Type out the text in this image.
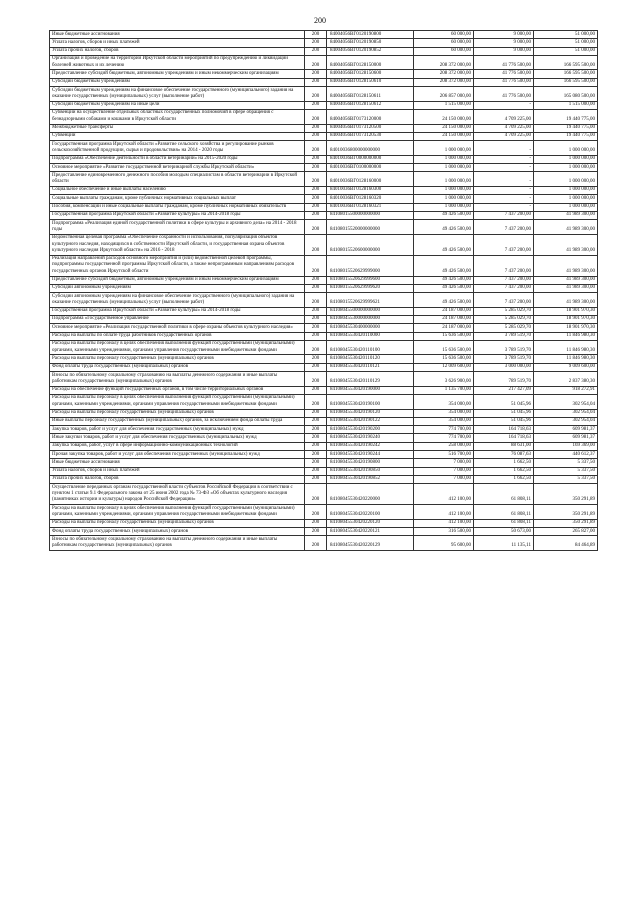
200
Иные бюджетные ассигнования	200	84004056ВГ0120190800	60 000,00	9 000,00	51 000,00
Уплата налогов, сборов и иных платежей	200	84004056ВГ0120190850	60 000,00	9 000,00	51 000,00
Уплата прочих налогов, сборов	200	84004056ВГ0120190852	60 000,00	9 000,00	51 000,00
Организация и проведение на территории Иркутской области мероприятий по предупреждению и ликвидации болезней животных и их лечению	200	84004056ВГ0128150000	208 372 000,00	41 776 500,00	166 595 500,00
Предоставление субсидий бюджетным, автономным учреждениям и иным некоммерческим организациям	200	84004056ВГ0128150600	208 372 000,00	41 776 500,00	166 595 500,00
Субсидии бюджетным учреждениям	200	84004056ВГ0128150610	208 372 000,00	41 776 500,00	166 595 500,00
Субсидии бюджетным учреждениям на финансовое обеспечение государственного (муниципального) задания на оказание государственных (муниципальных) услуг (выполнение работ)	200	84004056ВГ0128150611	206 857 000,00	41 776 500,00	165 080 500,00
Субсидии бюджетным учреждениям на иные цели	200	84004056ВГ0128150612	1 515 000,00	-	1 515 000,00
Субвенции на осуществление отдельных областных государственных полномочий в сфере обращения с безнадзорными собаками и кошками в Иркутской области	200	84004056ВГ0173120000	24 150 000,00	4 709 225,00	19 440 775,00
Межбюджетные трансферты	200	84004056ВГ0173120500	24 150 000,00	4 709 225,00	19 440 775,00
Субвенции	200	84004056ВГ0173120530	24 150 000,00	4 709 225,00	19 440 775,00
Государственная программа Иркутской области «Развитие сельского хозяйства и регулирование рынков сельскохозяйственной продукции, сырья и продовольствия» на 2014 - 2020 годы	200	84010036800000000000	1 000 000,00	-	1 000 000,00
Подпрограмма «Обеспечение деятельности в области ветеринарии» на 2015-2020 годы	200	84010036ВГ0000000000	1 000 000,00	-	1 000 000,00
Основное мероприятие «Развитие государственной ветеринарной службы Иркутской области»	200	84010036ВГ0100000000	1 000 000,00	-	1 000 000,00
Предоставление единовременного денежного пособия молодым специалистам в области ветеринарии в Иркутской области	200	84010036ВГ0128160000	1 000 000,00	-	1 000 000,00
Социальное обеспечение и иные выплаты населению	200	84010036ВГ0128160300	1 000 000,00	-	1 000 000,00
Социальные выплаты гражданам, кроме публичных нормативных социальных выплат	200	84010036ВГ0128160320	1 000 000,00	-	1 000 000,00
Пособия, компенсации и иные социальные выплаты гражданам, кроме публичных нормативных обязательств	200	84010036ВГ0128160321	1 000 000,00	-	1 000 000,00
Государственная программа Иркутской области «Развитие культуры» на 2014-2018 годы	200	84108015500000000000	49 426 500,00	7 437 200,00	41 989 300,00
Подпрограмма «Реализация единой государственной политики в сфере культуры и архивного дела» на 2014 - 2018 годы	200	84108015520000000000	49 426 500,00	7 437 200,00	41 989 300,00
Ведомственная целевая программа «Обеспечение сохранности и использования, популяризация объектов культурного наследия, находящихся в собственности Иркутской области, и государственная охрана объектов культурного наследия Иркутской области» на 2016 - 2018	200	84108015520600000000	49 426 500,00	7 437 200,00	41 989 300,00
Реализация направлений расходов основного мероприятия и (или) ведомственной целевой программы, подпрограммы государственной программы Иркутской области, а также непрограммным направлениям расходов государственных органов Иркутской области	200	84108015520629999000	49 426 500,00	7 437 200,00	41 989 300,00
Предоставление субсидий бюджетным, автономным учреждениям и иным некоммерческим организациям	200	84108015520629999600	49 426 500,00	7 437 200,00	41 989 300,00
Субсидии автономным учреждениям	200	84108015520629999620	49 426 500,00	7 437 200,00	41 989 300,00
Субсидии автономным учреждениям на финансовое обеспечение государственного (муниципального) задания на оказание государственных (муниципальных) услуг (выполнение работ)	200	84108015520629999621	49 426 500,00	7 437 200,00	41 989 300,00
Государственная программа Иркутской области «Развитие культуры» на 2014-2018 годы	200	84108045500000000000	24 187 000,00	5 285 029,70	18 901 970,30
Подпрограмма «Государственное управление	200	84108045530000000000	24 187 000,00	5 285 029,70	18 901 970,30
Основное мероприятие «Реализация государственной политики в сфере охраны объектов культурного наследия»	200	84108045530400000000	24 187 000,00	5 285 029,70	18 901 970,30
Расходы на выплаты по оплате труда работников государственных органов	200	84108045530420110000	15 636 500,00	3 789 519,70	11 846 980,30
Расходы на выплаты персоналу в целях обеспечения выполнения функций государственными (муниципальными) органами, казенными учреждениями, органами управления государственными внебюджетными фондами	200	84108045530420110100	15 636 500,00	3 789 519,70	11 846 980,30
Расходы на выплаты персоналу государственных (муниципальных) органов	200	84108045530420110120	15 636 500,00	3 789 519,70	11 846 980,30
Фонд оплаты труда государственных (муниципальных) органов	200	84108045530420110121	12 009 600,00	3 000 000,00	9 009 600,00
Взносы по обязательному социальному страхованию на выплаты денежного содержания и иные выплаты работникам государственных (муниципальных) органов	200	84108045530420110129	3 626 900,00	789 519,70	2 837 380,30
Расходы на обеспечение функций государственных органов, в том числе территориальных органов	200	84108045530420190000	1 135 700,00	217 427,09	918 272,91
Расходы на выплаты персоналу в целях обеспечения выполнения функций государственными (муниципальными) органами, казенными учреждениями, органами управления государственными внебюджетными фондами	200	84108045530420190100	354 000,00	51 045,96	302 954,04
Расходы на выплаты персоналу государственных (муниципальных) органов	200	84108045530420190120	354 000,00	51 045,96	302 954,04
Иные выплаты персоналу государственных (муниципальных) органов, за исключением фонда оплаты труда	200	84108045530420190122	354 000,00	51 045,96	302 954,04
Закупка товаров, работ и услуг для обеспечения государственных (муниципальных) нужд	200	84108045530420190200	774 700,00	164 718,63	609 981,37
Иные закупки товаров, работ и услуг для обеспечения государственных (муниципальных) нужд	200	84108045530420190240	774 700,00	164 718,63	609 981,37
Закупка товаров, работ, услуг в сфере информационно-коммуникационных технологий	200	84108045530420190242	258 000,00	88 631,00	169 369,00
Прочая закупка товаров, работ и услуг для обеспечения государственных (муниципальных) нужд	200	84108045530420190244	516 700,00	76 087,63	440 612,37
Иные бюджетные ассигнования	200	84108045530420190800	7 000,00	1 662,50	5 337,50
Уплата налогов, сборов и иных платежей	200	84108045530420190850	7 000,00	1 662,50	5 337,50
Уплата прочих налогов, сборов	200	84108045530420190852	7 000,00	1 662,50	5 337,50
Осуществление переданных органам государственной власти субъектов Российской Федерации в соответствии с пунктом 1 статьи 9.1 Федерального закона от 25 июня 2002 года № 73-ФЗ «Об объектах культурного наследия (памятниках истории и культуры) народов Российской Федерации»	200	84108045530420220000	412 100,00	61 808,11	350 291,89
Расходы на выплаты персоналу в целях обеспечения выполнения функций государственными (муниципальными) органами, казенными учреждениями, органами управления государственными внебюджетными фондами	200	84108045530420220100	412 100,00	61 808,11	350 291,89
Расходы на выплаты персоналу государственных (муниципальных) органов	200	84108045530420220120	412 100,00	61 808,11	350 291,89
Фонд оплаты труда государственных (муниципальных) органов	200	84108045530420220121	316 500,00	50 673,00	265 827,00
Взносы по обязательному социальному страхованию на выплаты денежного содержания и иные выплаты работникам государственных (муниципальных) органов	200	84108045530420220129	95 600,00	11 135,11	84 464,89
